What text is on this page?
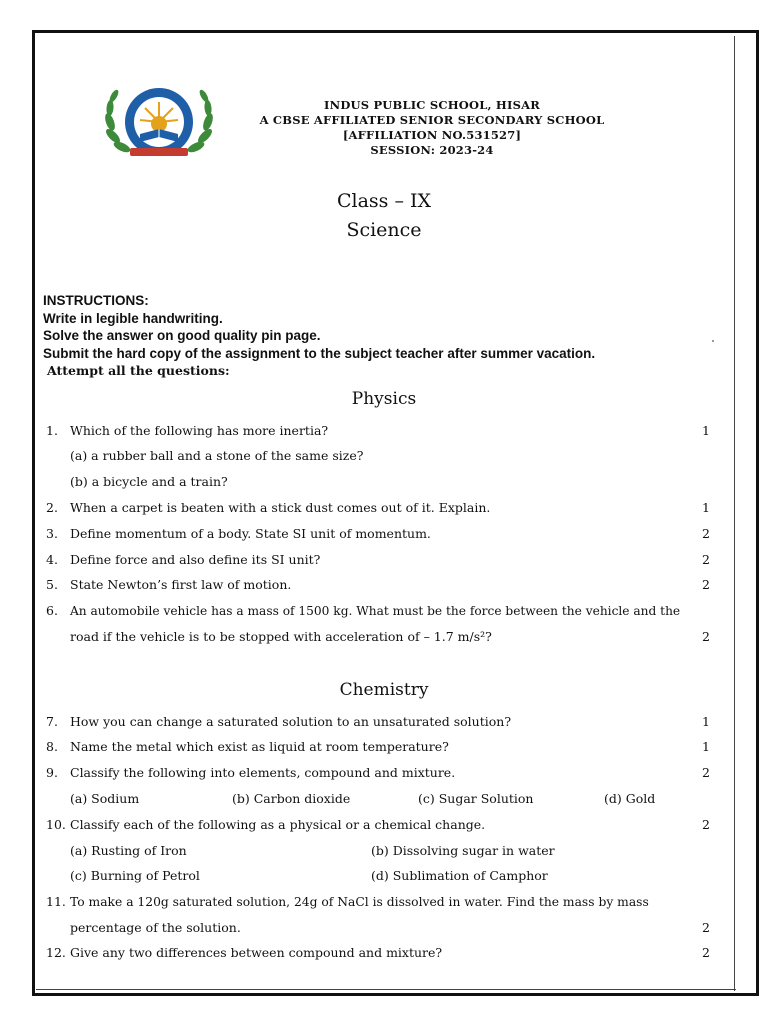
INDUS PUBLIC SCHOOL, HISAR
A CBSE AFFILIATED SENIOR SECONDARY SCHOOL
[AFFILIATION NO.531527]
SESSION: 2023-24
Class – IX
Science
INSTRUCTIONS:
Write in legible handwriting.
Solve the answer on good quality pin page.
Submit the hard copy of the assignment to the subject teacher after summer vacation.
Attempt all the questions:
Physics
1. Which of the following has more inertia?	1
(a) a rubber ball and a stone of the same size?
(b) a bicycle and a train?
2. When a carpet is beaten with a stick dust comes out of it. Explain.	1
3. Define momentum of a body. State SI unit of momentum.	2
4. Define force and also define its SI unit?	2
5. State Newton’s first law of motion.	2
6. An automobile vehicle has a mass of 1500 kg. What must be the force between the vehicle and the
road if the vehicle is to be stopped with acceleration of – 1.7 m/s²?	2
Chemistry
7. How you can change a saturated solution to an unsaturated solution?	1
8. Name the metal which exist as liquid at room temperature?	1
9. Classify the following into elements, compound and mixture.	2
(a) Sodium	(b) Carbon dioxide	(c) Sugar Solution	(d) Gold
10. Classify each of the following as a physical or a chemical change.	2
(a) Rusting of Iron	(b) Dissolving sugar in water
(c) Burning of Petrol	(d) Sublimation of Camphor
11. To make a 120g saturated solution, 24g of NaCl is dissolved in water. Find the mass by mass
percentage of the solution.	2
12. Give any two differences between compound and mixture?	2
